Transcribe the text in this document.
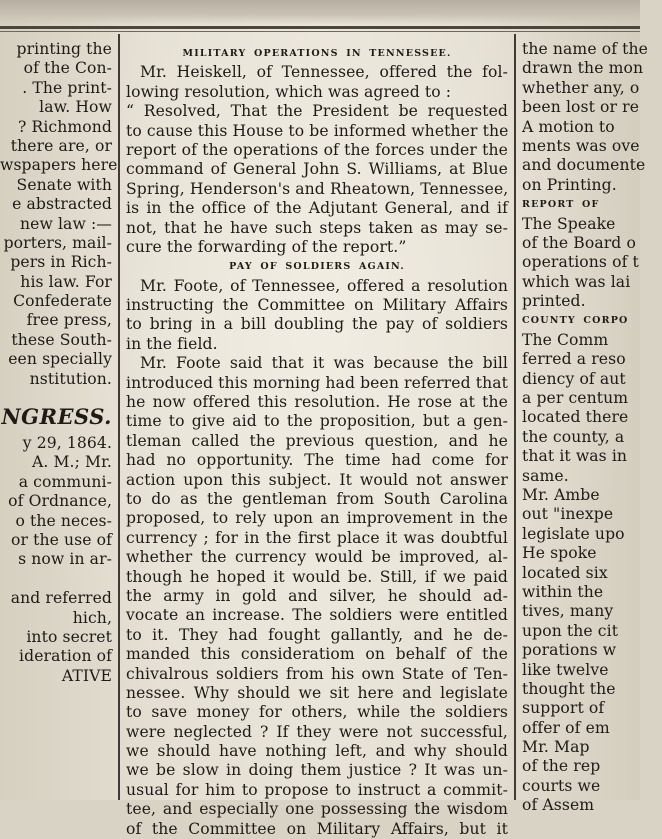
printing the
of the Con-
. The print-
law. How
? Richmond
there are, or
wspapers here
Senate with
e abstracted
new law :—
porters, mail-
pers in Rich-
his law. For
Confederate
free press,
these South-
een specially
nstitution.
NGRESS.
y 29, 1864.
A. M.; Mr.
a communi-
of Ordnance,
o the neces-
or the use of
s now in ar-
and referred
hich,
into secret
ideration of
ATIVE
MILITARY OPERATIONS IN TENNESSEE.
Mr. Heiskell, of Tennessee, offered the fol-
lowing resolution, which was agreed to :
“ Resolved, That the President be requested
to cause this House to be informed whether the
report of the operations of the forces under the
command of General John S. Williams, at Blue
Spring, Henderson's and Rheatown, Tennessee,
is in the office of the Adjutant General, and if
not, that he have such steps taken as may se-
cure the forwarding of the report.”
PAY OF SOLDIERS AGAIN.
Mr. Foote, of Tennessee, offered a resolution
instructing the Committee on Military Affairs
to bring in a bill doubling the pay of soldiers
in the field.
Mr. Foote said that it was because the bill
introduced this morning had been referred that
he now offered this resolution. He rose at the
time to give aid to the proposition, but a gen-
tleman called the previous question, and he
had no opportunity. The time had come for
action upon this subject. It would not answer
to do as the gentleman from South Carolina
proposed, to rely upon an improvement in the
currency ; for in the first place it was doubtful
whether the currency would be improved, al-
though he hoped it would be. Still, if we paid
the army in gold and silver, he should ad-
vocate an increase. The soldiers were entitled
to it. They had fought gallantly, and he de-
manded this consideratiom on behalf of the
chivalrous soldiers from his own State of Ten-
nessee. Why should we sit here and legislate
to save money for others, while the soldiers
were neglected ? If they were not successful,
we should have nothing left, and why should
we be slow in doing them justice ? It was un-
usual for him to propose to instruct a commit-
tee, and especially one possessing the wisdom
of the Committee on Military Affairs, but it
the name of the
drawn the mon
whether any, o
been lost or re
A motion to
ments was ove
and documente
on Printing.
REPORT OF
The Speake
of the Board o
operations of t
which was lai
printed.
COUNTY CORPO
The Comm
ferred a reso
diency of aut
a per centum
located there
the county, a
that it was in
same.
Mr. Ambe
out "inexpe
legislate upo
He spoke
located six
within the
tives, many
upon the cit
porations w
like twelve
thought the
support of
offer of em
Mr. Map
of the rep
courts we
of Assem
